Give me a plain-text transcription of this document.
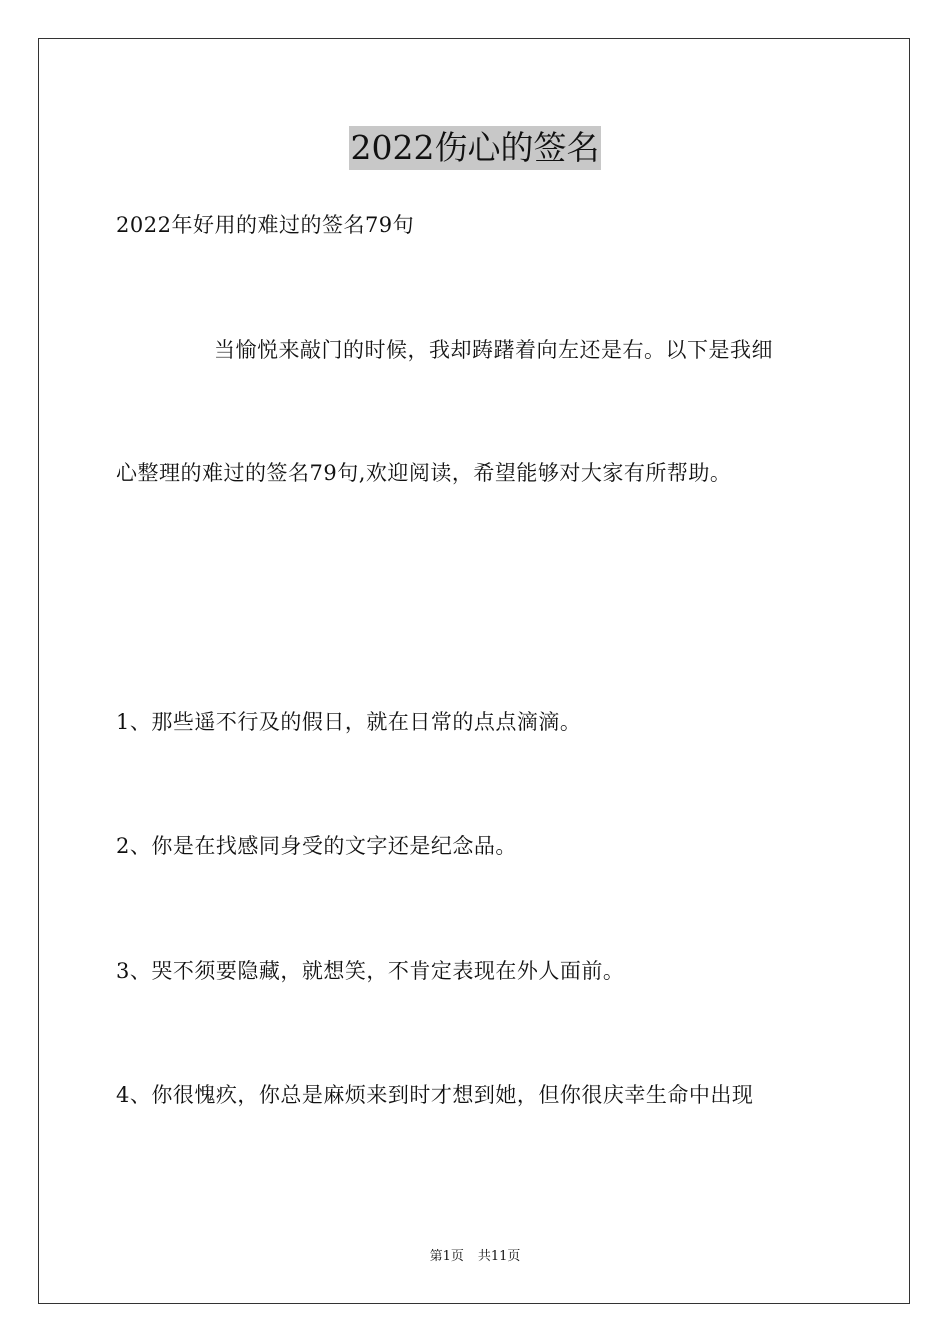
2022伤心的签名
2022年好用的难过的签名79句
当愉悦来敲门的时候，我却踌躇着向左还是右。以下是我细
心整理的难过的签名79句,欢迎阅读，希望能够对大家有所帮助。
1、那些遥不行及的假日，就在日常的点点滴滴。
2、你是在找感同身受的文字还是纪念品。
3、哭不须要隐藏，就想笑，不肯定表现在外人面前。
4、你很愧疚，你总是麻烦来到时才想到她，但你很庆幸生命中出现
第1页 共11页
